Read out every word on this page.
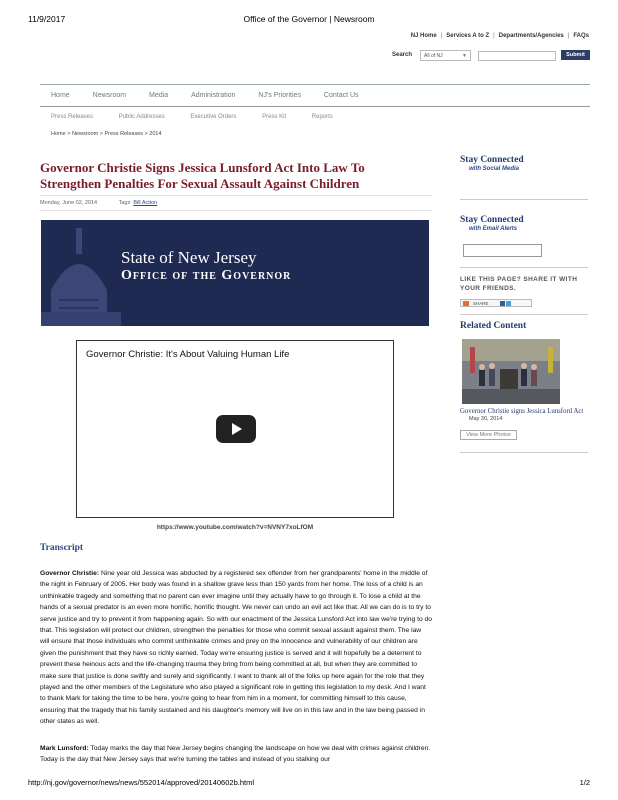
11/9/2017	Office of the Governor | Newsroom
NJ Home | Services A to Z | Departments/Agencies | FAQs
Search	All of NJ	▼	Submit
Home	Newsroom	Media	Administration	NJ's Priorities	Contact Us
Press Releases	Public Addresses	Executive Orders	Press Kit	Reports
Home > Newsroom > Press Releases > 2014
Governor Christie Signs Jessica Lunsford Act Into Law To Strengthen Penalties For Sexual Assault Against Children
Monday, June 02, 2014	Tags: Bill Action
State of New Jersey
Office of the Governor
Governor Christie: It's About Valuing Human Life
https://www.youtube.com/watch?v=NVNY7xoLfOM
Transcript

Governor Christie: Nine year old Jessica was abducted by a registered sex offender from her grandparents' home in the middle of the night in February of 2005. Her body was found in a shallow grave less than 150 yards from her home. The loss of a child is an unthinkable tragedy and something that no parent can ever imagine until they actually have to go through it. To lose a child at the hands of a sexual predator is an even more horrific, horrific thought. We never can undo an evil act like that. All we can do is to try to serve justice and try to prevent it from happening again. So with our enactment of the Jessica Lunsford Act into law we're trying to do that. This legislation will protect our children, strengthen the penalties for those who commit sexual assault against them. The law will ensure that those individuals who commit unthinkable crimes and prey on the innocence and vulnerability of our children are given the punishment that they have so richly earned. Today we're ensuring justice is served and it will hopefully be a deterrent to prevent these heinous acts and the life-changing trauma they bring from being committed at all, but when they are committed to make sure that justice is done swiftly and surely and significantly. I want to thank all of the folks up here again for the role that they played and the other members of the Legislature who also played a significant role in getting this legislation to my desk. And I want to thank Mark for taking the time to be here, you're going to hear from him in a moment, for committing himself to this cause, ensuring that the tragedy that his family sustained and his daughter's memory will live on in this law and in the law being passed in other states as well.

Mark Lunsford: Today marks the day that New Jersey begins changing the landscape on how we deal with crimes against children. Today is the day that New Jersey says that we're turning the tables and instead of you stalking our

Stay Connected
with Social Media
Stay Connected
with Email Alerts
LIKE THIS PAGE? SHARE IT WITH YOUR FRIENDS.
SHARE
Related Content
Governor Christie signs Jessica Lunsford Act
May 30, 2014
View More Photos
http://nj.gov/governor/news/news/552014/approved/20140602b.html	1/2
